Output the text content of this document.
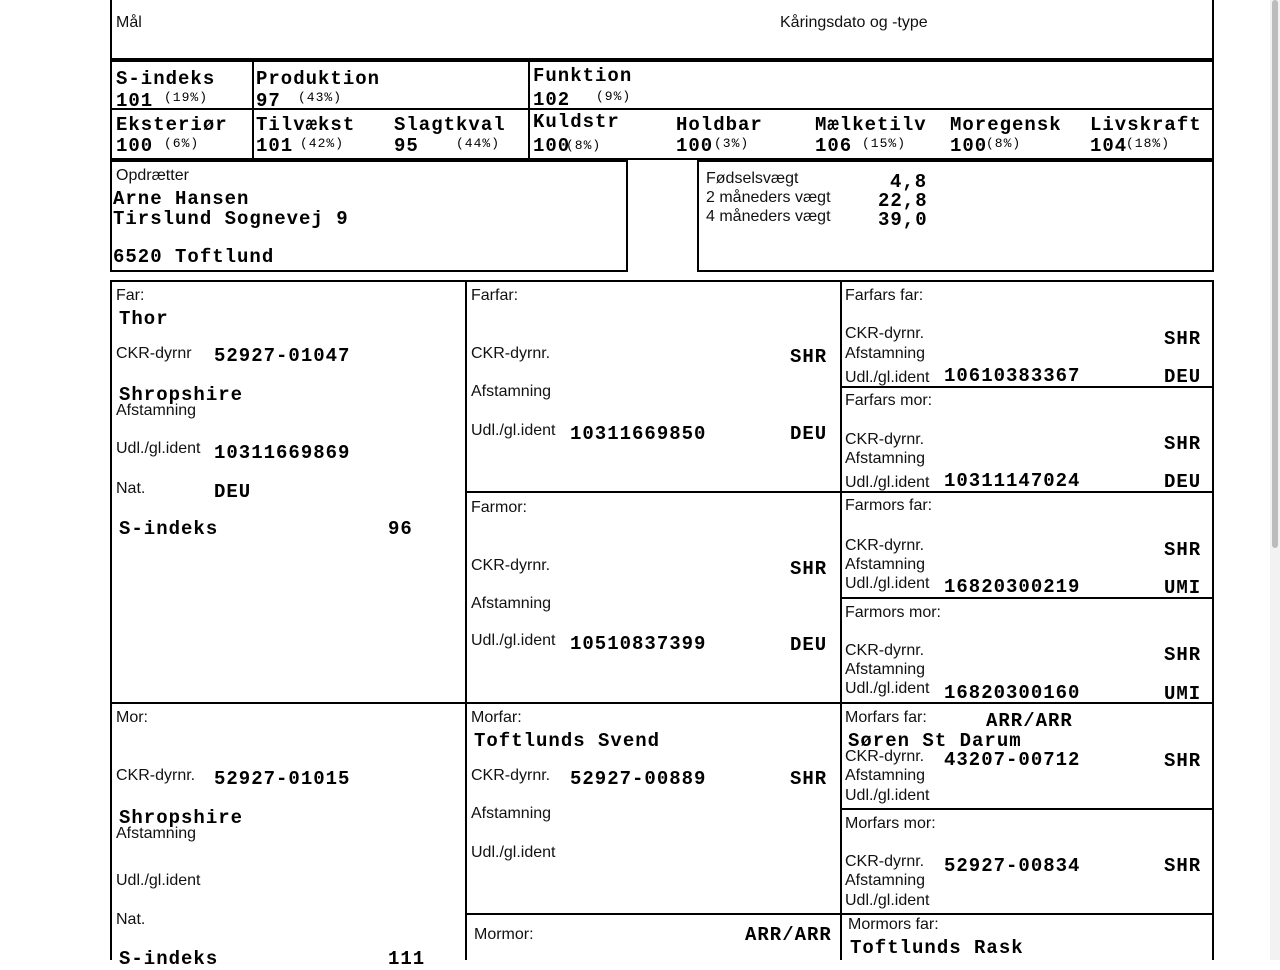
Mål	Kåringsdato og -type
S-indeks
101 (19%)
Produktion
97 (43%)
Funktion
102 (9%)
Eksteriør
100 (6%)
Tilvækst
101 (42%)
Slagtkval
95	(44%)
Kuldstr
100
(8%)
Holdbar
100 (3%)
Mælketilv
106 (15%)
Moregensk
100
(8%)
Livskraft
104
(18%)
Opdrætter
Arne Hansen
Tirslund Sognevej 9
6520 Toftlund
Fødselsvægt	4,8
2 måneders vægt 22,8
4 måneders vægt 39,0
Far:
Thor
CKR-dyrnr 52927-01047
Shropshire
Afstamning
Udl./gl.ident 10311669869
Nat.	DEU
S-indeks	96
Farfar:
CKR-dyrnr.	SHR
Afstamning
Udl./gl.ident 10311669850	DEU
Farmor:
CKR-dyrnr.	SHR
Afstamning
Udl./gl.ident 10510837399	DEU
Farfars far:
CKR-dyrnr.	SHR
Afstamning
Udl./gl.ident 10610383367	DEU
Farfars mor:
CKR-dyrnr.	SHR
Afstamning
Udl./gl.ident 10311147024	DEU
Farmors far:
CKR-dyrnr.	SHR
Afstamning
Udl./gl.ident 16820300219	UMI
Farmors mor:
CKR-dyrnr.	SHR
Afstamning
Udl./gl.ident 16820300160	UMI
Mor:
CKR-dyrnr. 52927-01015
Shropshire
Afstamning
Udl./gl.ident
Nat.
S-indeks	111
Morfar:
Toftlunds Svend
CKR-dyrnr. 52927-00889	SHR
Afstamning
Udl./gl.ident
Mormor:	ARR/ARR
Morfars far:	ARR/ARR
Søren St Darum
CKR-dyrnr. 43207-00712	SHR
Afstamning
Udl./gl.ident
Morfars mor:
CKR-dyrnr. 52927-00834	SHR
Afstamning
Udl./gl.ident
Mormors far:
Toftlunds Rask
